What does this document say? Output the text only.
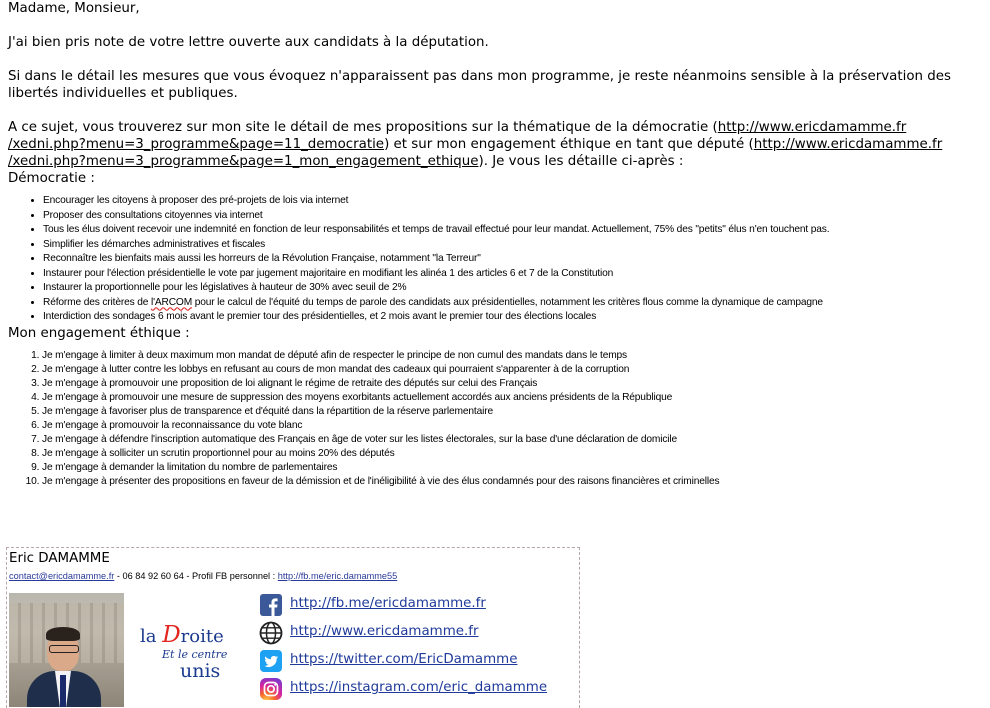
Madame, Monsieur,

J'ai bien pris note de votre lettre ouverte aux candidats à la députation.

Si dans le détail les mesures que vous évoquez n'apparaissent pas dans mon programme, je reste néanmoins sensible à la préservation des libertés individuelles et publiques.

A ce sujet, vous trouverez sur mon site le détail de mes propositions sur la thématique de la démocratie (http://www.ericdamamme.fr
/xedni.php?menu=3_programme&page=11_democratie) et sur mon engagement éthique en tant que député (http://www.ericdamamme.fr
/xedni.php?menu=3_programme&page=1_mon_engagement_ethique). Je vous les détaille ci-après :

Démocratie :

• Encourager les citoyens à proposer des pré-projets de lois via internet
• Proposer des consultations citoyennes via internet
• Tous les élus doivent recevoir une indemnité en fonction de leur responsabilités et temps de travail effectué pour leur mandat. Actuellement, 75% des "petits" élus n'en touchent pas.
• Simplifier les démarches administratives et fiscales
• Reconnaître les bienfaits mais aussi les horreurs de la Révolution Française, notamment "la Terreur"
• Instaurer pour l'élection présidentielle le vote par jugement majoritaire en modifiant les alinéa 1 des articles 6 et 7 de la Constitution
• Instaurer la proportionnelle pour les législatives à hauteur de 30% avec seuil de 2%
• Réforme des critères de l'ARCOM pour le calcul de l'équité du temps de parole des candidats aux présidentielles, notamment les critères flous comme la dynamique de campagne
• Interdiction des sondages 6 mois avant le premier tour des présidentielles, et 2 mois avant le premier tour des élections locales

Mon engagement éthique :

1. Je m'engage à limiter à deux maximum mon mandat de député afin de respecter le principe de non cumul des mandats dans le temps
2. Je m'engage à lutter contre les lobbys en refusant au cours de mon mandat des cadeaux qui pourraient s'apparenter à de la corruption
3. Je m'engage à promouvoir une proposition de loi alignant le régime de retraite des députés sur celui des Français
4. Je m'engage à promouvoir une mesure de suppression des moyens exorbitants actuellement accordés aux anciens présidents de la République
5. Je m'engage à favoriser plus de transparence et d'équité dans la répartition de la réserve parlementaire
6. Je m'engage à promouvoir la reconnaissance du vote blanc
7. Je m'engage à défendre l'inscription automatique des Français en âge de voter sur les listes électorales, sur la base d'une déclaration de domicile
8. Je m'engage à solliciter un scrutin proportionnel pour au moins 20% des députés
9. Je m'engage à demander la limitation du nombre de parlementaires
10. Je m'engage à présenter des propositions en faveur de la démission et de l'inéligibilité à vie des élus condamnés pour des raisons financières et criminelles
Eric DAMAMME
contact@ericdamamme.fr - 06 84 92 60 64 - Profil FB personnel : http://fb.me/eric.damamme55
la Droite
Et le centre
unis
http://fb.me/ericdamamme.fr
http://www.ericdamamme.fr
https://twitter.com/EricDamamme
https://instagram.com/eric_damamme
